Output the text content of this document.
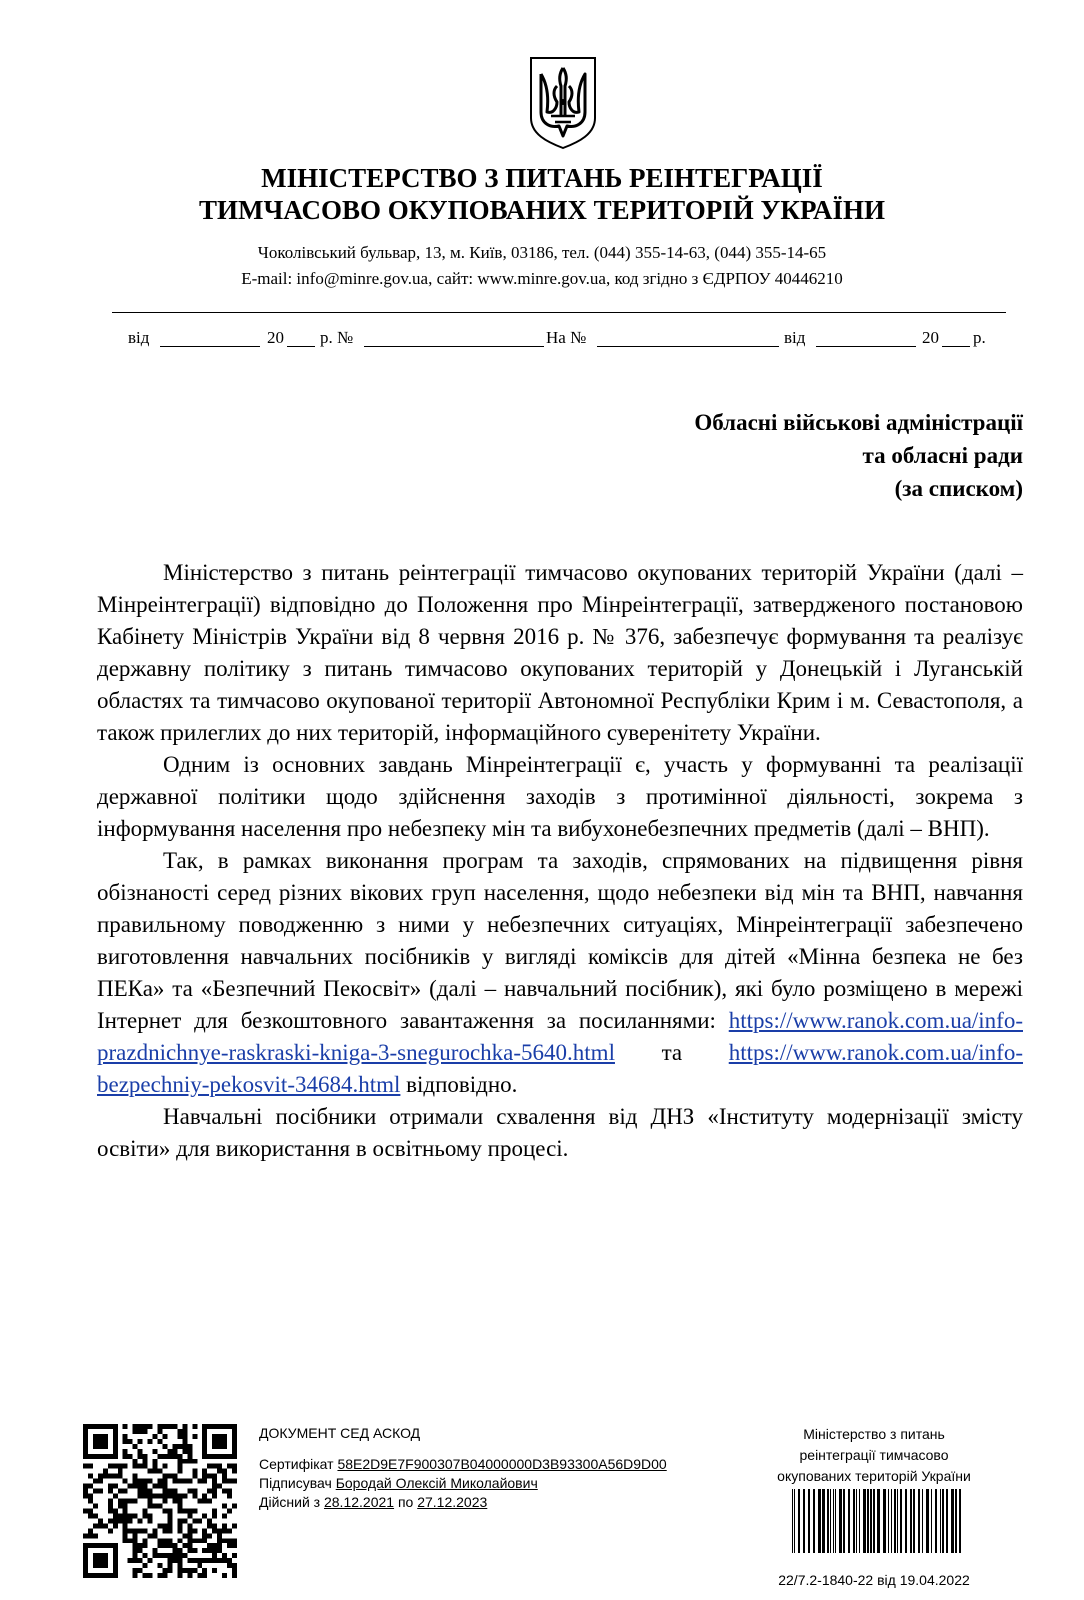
МІНІСТЕРСТВО З ПИТАНЬ РЕІНТЕГРАЦІЇ
ТИМЧАСОВО ОКУПОВАНИХ ТЕРИТОРІЙ УКРАЇНИ
Чоколівський бульвар, 13, м. Київ, 03186, тел. (044) 355-14-63, (044) 355-14-65
E-mail: info@minre.gov.ua, сайт: www.minre.gov.ua, код згідно з ЄДРПОУ 40446210
від	20 р. №	На №	від	20 р.
Обласні військові адміністрації
та обласні ради
(за списком)

Міністерство з питань реінтеграції тимчасово окупованих територій України (далі – Мінреінтеграції) відповідно до Положення про Мінреінтеграції, затвердженого постановою Кабінету Міністрів України від 8 червня 2016 р. № 376, забезпечує формування та реалізує державну політику з питань тимчасово окупованих територій у Донецькій і Луганській областях та тимчасово окупованої території Автономної Республіки Крим і м. Севастополя, а також прилеглих до них територій, інформаційного суверенітету України.

Одним із основних завдань Мінреінтеграції є, участь у формуванні та реалізації державної політики щодо здійснення заходів з протимінної діяльності, зокрема з інформування населення про небезпеку мін та вибухонебезпечних предметів (далі – ВНП).

Так, в рамках виконання програм та заходів, спрямованих на підвищення рівня обізнаності серед різних вікових груп населення, щодо небезпеки від мін та ВНП, навчання правильному поводженню з ними у небезпечних ситуаціях, Мінреінтеграції забезпечено виготовлення навчальних посібників у вигляді коміксів для дітей «Мінна безпека не без ПЕКа» та «Безпечний Пекосвіт» (далі – навчальний посібник), які було розміщено в мережі Інтернет для безкоштовного завантаження за посиланнями: https://www.ranok.com.ua/info-prazdnichnye-raskraski-kniga-3-snegurochka-5640.html та https://www.ranok.com.ua/info-bezpechniy-pekosvit-34684.html відповідно.

Навчальні посібники отримали схвалення від ДНЗ «Інституту модернізації змісту освіти» для використання в освітньому процесі.

ДОКУМЕНТ СЕД АСКОД
Сертифікат 58E2D9E7F900307B04000000D3B93300A56D9D00
Підписувач Бородай Олексій Миколайович
Дійсний з 28.12.2021 по 27.12.2023
Міністерство з питань
реінтеграції тимчасово
окупованих територій України
22/7.2-1840-22 від 19.04.2022
